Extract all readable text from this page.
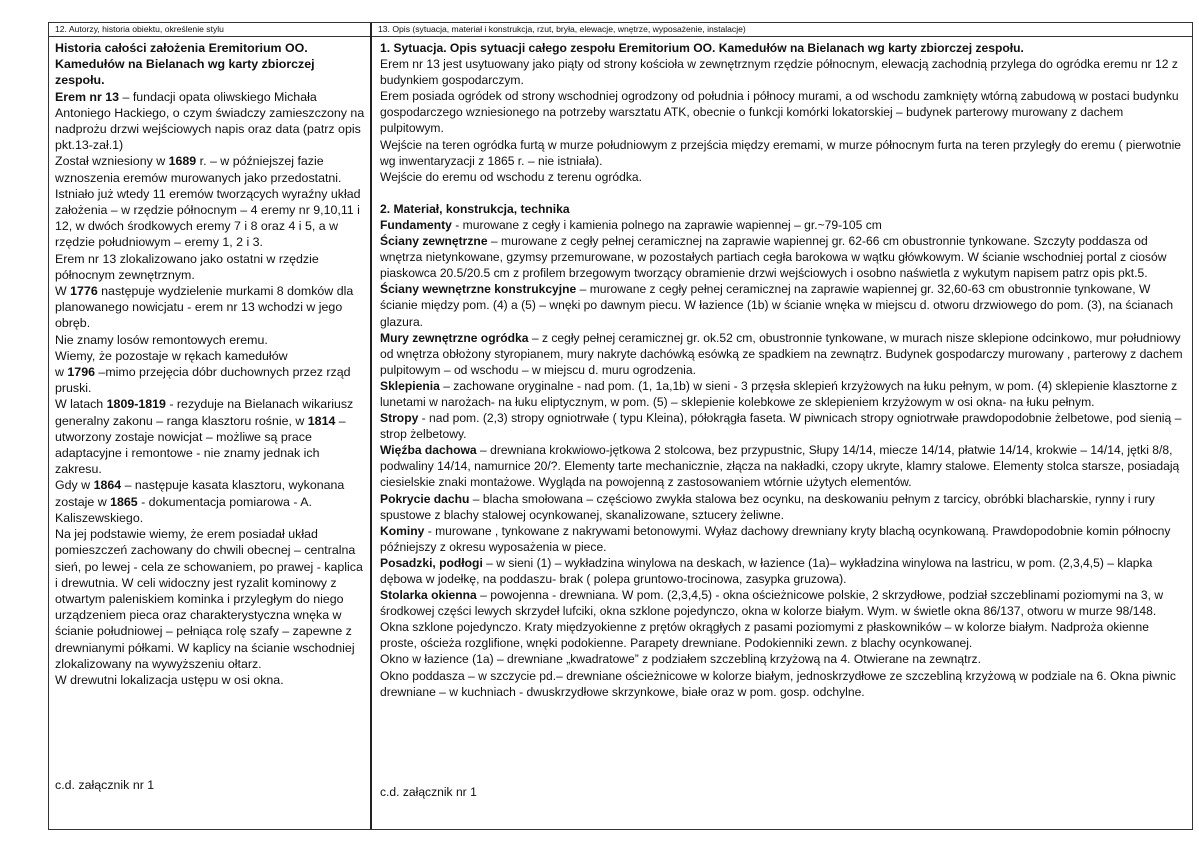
12. Autorzy, historia obiektu, określenie stylu

Historia całości założenia Eremitorium OO. Kamedułów na Bielanach wg karty zbiorczej zespołu.

Erem nr 13 – fundacji opata oliwskiego Michała Antoniego Hackiego, o czym świadczy zamieszczony na nadprożu drzwi wejściowych napis oraz data (patrz opis pkt.13-zał.1)

Został wzniesiony w 1689 r. – w późniejszej fazie wznoszenia eremów murowanych jako przedostatni.

Istniało już wtedy 11 eremów tworzących wyraźny układ założenia – w rzędzie północnym – 4 eremy nr 9,10,11 i 12, w dwóch środkowych eremy 7 i 8 oraz 4 i 5, a w rzędzie południowym – eremy 1, 2 i 3.

Erem nr 13 zlokalizowano jako ostatni w rzędzie północnym zewnętrznym.

W 1776 następuje wydzielenie murkami 8 domków dla planowanego nowicjatu - erem nr 13 wchodzi w jego obręb.

Nie znamy losów remontowych eremu.

Wiemy, że pozostaje w rękach kamedułów

w 1796 –mimo przejęcia dóbr duchownych przez rząd pruski.

W latach 1809-1819 - rezyduje na Bielanach wikariusz generalny zakonu – ranga klasztoru rośnie, w 1814 – utworzony zostaje nowicjat – możliwe są prace adaptacyjne i remontowe - nie znamy jednak ich zakresu.

Gdy w 1864 – następuje kasata klasztoru, wykonana zostaje w 1865 - dokumentacja pomiarowa - A. Kaliszewskiego.

Na jej podstawie wiemy, że erem posiadał układ pomieszczeń zachowany do chwili obecnej – centralna sień, po lewej - cela ze schowaniem, po prawej - kaplica i drewutnia. W celi widoczny jest ryzalit kominowy z otwartym paleniskiem kominka i przyległym do niego urządzeniem pieca oraz charakterystyczna wnęka w ścianie południowej – pełniąca rolę szafy – zapewne z drewnianymi półkami. W kaplicy na ścianie wschodniej zlokalizowany na wywyższeniu ołtarz.

W drewutni lokalizacja ustępu w osi okna.

c.d. załącznik nr 1
13. Opis (sytuacja, materiał i konstrukcja, rzut, bryła, elewacje, wnętrze, wyposażenie, instalacje)

1. Sytuacja. Opis sytuacji całego zespołu Eremitorium OO. Kamedułów na Bielanach wg karty zbiorczej zespołu.

Erem nr 13 jest usytuowany jako piąty od strony kościoła w zewnętrznym rzędzie północnym, elewacją zachodnią przylega do ogródka eremu nr 12 z budynkiem gospodarczym.

Erem posiada ogródek od strony wschodniej ogrodzony od południa i północy murami, a od wschodu zamknięty wtórną zabudową w postaci budynku gospodarczego wzniesionego na potrzeby warsztatu ATK, obecnie o funkcji komórki lokatorskiej – budynek parterowy murowany z dachem pulpitowym.

Wejście na teren ogródka furtą w murze południowym z przejścia między eremami, w murze północnym furta na teren przyległy do eremu ( pierwotnie wg inwentaryzacji z 1865 r. – nie istniała).

Wejście do eremu od wschodu z terenu ogródka.

2. Materiał, konstrukcja, technika

Fundamenty - murowane z cegły i kamienia polnego na zaprawie wapiennej – gr.~79-105 cm

Ściany zewnętrzne – murowane z cegły pełnej ceramicznej na zaprawie wapiennej gr. 62-66 cm obustronnie tynkowane. Szczyty poddasza od wnętrza nietynkowane, gzymsy przemurowane, w pozostałych partiach cegła barokowa w wątku główkowym. W ścianie wschodniej portal z ciosów piaskowca 20.5/20.5 cm z profilem brzegowym tworzący obramienie drzwi wejściowych i osobno naświetla z wykutym napisem patrz opis pkt.5.

Ściany wewnętrzne konstrukcyjne – murowane z cegły pełnej ceramicznej na zaprawie wapiennej gr. 32,60-63 cm obustronnie tynkowane, W ścianie między pom. (4) a (5) – wnęki po dawnym piecu. W łazience (1b) w ścianie wnęka w miejscu d. otworu drzwiowego do pom. (3), na ścianach glazura.

Mury zewnętrzne ogródka – z cegły pełnej ceramicznej gr. ok.52 cm, obustronnie tynkowane, w murach nisze sklepione odcinkowo, mur południowy od wnętrza obłożony styropianem, mury nakryte dachówką esówką ze spadkiem na zewnątrz. Budynek gospodarczy murowany , parterowy z dachem pulpitowym – od wschodu – w miejscu d. muru ogrodzenia.

Sklepienia – zachowane oryginalne - nad pom. (1, 1a,1b) w sieni - 3 przęsła sklepień krzyżowych na łuku pełnym, w pom. (4) sklepienie klasztorne z lunetami w narożach- na łuku eliptycznym, w pom. (5) – sklepienie kolebkowe ze sklepieniem krzyżowym w osi okna- na łuku pełnym.

Stropy - nad pom. (2,3) stropy ogniotrwałe ( typu Kleina), półokrągła faseta. W piwnicach stropy ogniotrwałe prawdopodobnie żelbetowe, pod sienią – strop żelbetowy.

Więźba dachowa – drewniana krokwiowo-jętkowa 2 stolcowa, bez przypustnic, Słupy 14/14, miecze 14/14, płatwie 14/14, krokwie – 14/14, jętki 8/8, podwaliny 14/14, namurnice 20/?. Elementy tarte mechanicznie, złącza na nakładki, czopy ukryte, klamry stalowe. Elementy stolca starsze, posiadają ciesielskie znaki montażowe. Wygląda na powojenną z zastosowaniem wtórnie użytych elementów.

Pokrycie dachu – blacha smołowana – częściowo zwykła stalowa bez ocynku, na deskowaniu pełnym z tarcicy, obróbki blacharskie, rynny i rury spustowe z blachy stalowej ocynkowanej, skanalizowane, sztucery żeliwne.

Kominy - murowane , tynkowane z nakrywami betonowymi. Wyłaz dachowy drewniany kryty blachą ocynkowaną. Prawdopodobnie komin północny późniejszy z okresu wyposażenia w piece.

Posadzki, podłogi – w sieni (1) – wykładzina winylowa na deskach, w łazience (1a)– wykładzina winylowa na lastricu, w pom. (2,3,4,5) – klapka dębowa w jodełkę, na poddaszu- brak ( polepa gruntowo-trocinowa, zasypka gruzowa).

Stolarka okienna – powojenna - drewniana. W pom. (2,3,4,5) - okna ościeżnicowe polskie, 2 skrzydłowe, podział szczeblinami poziomymi na 3, w środkowej części lewych skrzydeł lufciki, okna szklone pojedynczo, okna w kolorze białym. Wym. w świetle okna 86/137, otworu w murze 98/148. Okna szklone pojedynczo. Kraty międzyokienne z prętów okrągłych z pasami poziomymi z płaskowników – w kolorze białym. Nadproża okienne proste, ościeża rozglifione, wnęki podokienne. Parapety drewniane. Podokienniki zewn. z blachy ocynkowanej.

Okno w łazience (1a) – drewniane „kwadratowe” z podziałem szczebliną krzyżową na 4. Otwierane na zewnątrz.

Okno poddasza – w szczycie pd.– drewniane ościeżnicowe w kolorze białym, jednoskrzydłowe ze szczebliną krzyżową w podziale na 6. Okna piwnic drewniane – w kuchniach - dwuskrzydłowe skrzynkowe, białe oraz w pom. gosp. odchylne.

c.d. załącznik nr 1
